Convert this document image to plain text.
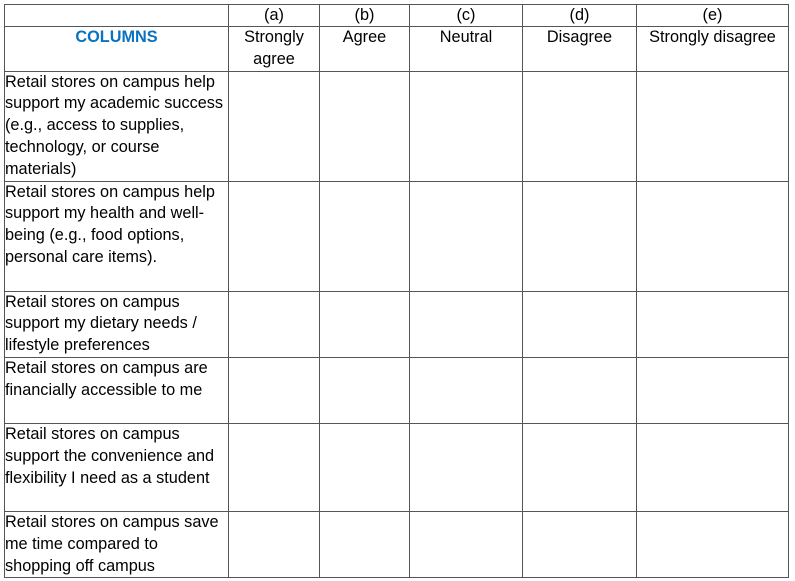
	(a)	(b)	(c)	(d)	(e)

COLUMNS	Strongly agree	Agree	Neutral	Disagree	Strongly disagree
Retail stores on campus help support my academic success (e.g., access to supplies, technology, or course materials)					
Retail stores on campus help support my health and well-being (e.g., food options, personal care items).					
Retail stores on campus support my dietary needs / lifestyle preferences					
Retail stores on campus are financially accessible to me					
Retail stores on campus support the convenience and flexibility I need as a student					
Retail stores on campus save me time compared to shopping off campus					
